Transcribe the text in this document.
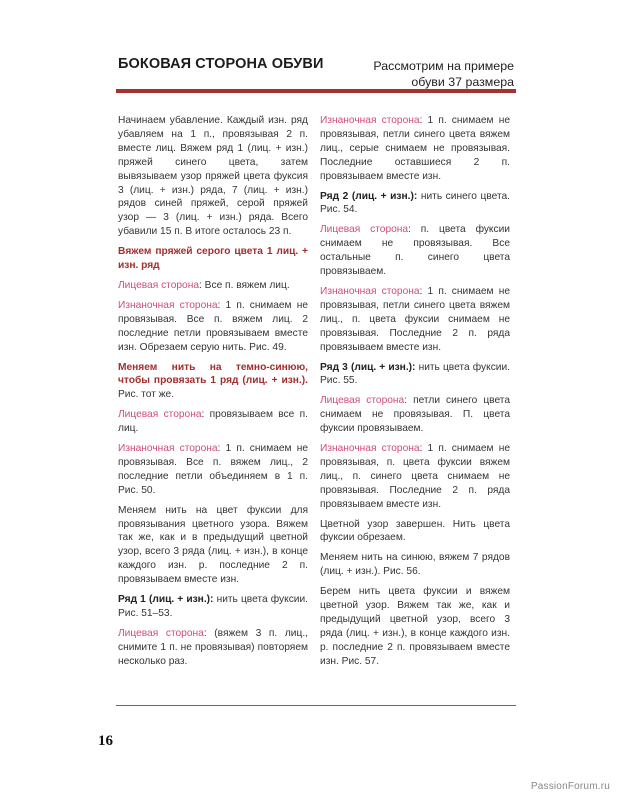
БОКОВАЯ СТОРОНА ОБУВИ	Рассмотрим на примере
обуви 37 размера

Начинаем убавление. Каждый изн. ряд убавляем на 1 п., провязывая 2 п. вместе лиц. Вяжем ряд 1 (лиц. + изн.) пряжей синего цвета, затем вывязываем узор пряжей цвета фуксия 3 (лиц. + изн.) ряда, 7 (лиц. + изн.) рядов синей пряжей, серой пряжей узор — 3 (лиц. + изн.) ряда. Всего убавили 15 п. В итоге осталось 23 п.

Вяжем пряжей серого цвета 1 лиц. + изн. ряд

Лицевая сторона: Все п. вяжем лиц.

Изнаночная сторона: 1 п. снимаем не провязывая. Все п. вяжем лиц. 2 последние петли провязываем вместе изн. Обрезаем серую нить. Рис. 49.

Меняем нить на темно-синюю, чтобы провязать 1 ряд (лиц. + изн.). Рис. тот же.

Лицевая сторона: провязываем все п. лиц.

Изнаночная сторона: 1 п. снимаем не провязывая. Все п. вяжем лиц., 2 последние петли объединяем в 1 п. Рис. 50.

Меняем нить на цвет фуксии для провязывания цветного узора. Вяжем так же, как и в предыдущий цветной узор, всего 3 ряда (лиц. + изн.), в конце каждого изн. р. последние 2 п. провязываем вместе изн.

Ряд 1 (лиц. + изн.): нить цвета фуксии. Рис. 51–53.

Лицевая сторона: (вяжем 3 п. лиц., снимите 1 п. не провязывая) повторяем несколько раз.

Изнаночная сторона: 1 п. снимаем не провязывая, петли синего цвета вяжем лиц., серые снимаем не провязывая. Последние оставшиеся 2 п. провязываем вместе изн.

Ряд 2 (лиц. + изн.): нить синего цвета. Рис. 54.

Лицевая сторона: п. цвета фуксии снимаем не провязывая. Все остальные п. синего цвета провязываем.

Изнаночная сторона: 1 п. снимаем не провязывая, петли синего цвета вяжем лиц., п. цвета фуксии снимаем не провязывая. Последние 2 п. ряда провязываем вместе изн.

Ряд 3 (лиц. + изн.): нить цвета фуксии. Рис. 55.

Лицевая сторона: петли синего цвета снимаем не провязывая. П. цвета фуксии провязываем.

Изнаночная сторона: 1 п. снимаем не провязывая, п. цвета фуксии вяжем лиц., п. синего цвета снимаем не провязывая. Последние 2 п. ряда провязываем вместе изн.

Цветной узор завершен. Нить цвета фуксии обрезаем.

Меняем нить на синюю, вяжем 7 рядов (лиц. + изн.). Рис. 56.

Берем нить цвета фуксии и вяжем цветной узор. Вяжем так же, как и предыдущий цветной узор, всего 3 ряда (лиц. + изн.), в конце каждого изн. р. последние 2 п. провязываем вместе изн. Рис. 57.

16
PassionForum.ru
